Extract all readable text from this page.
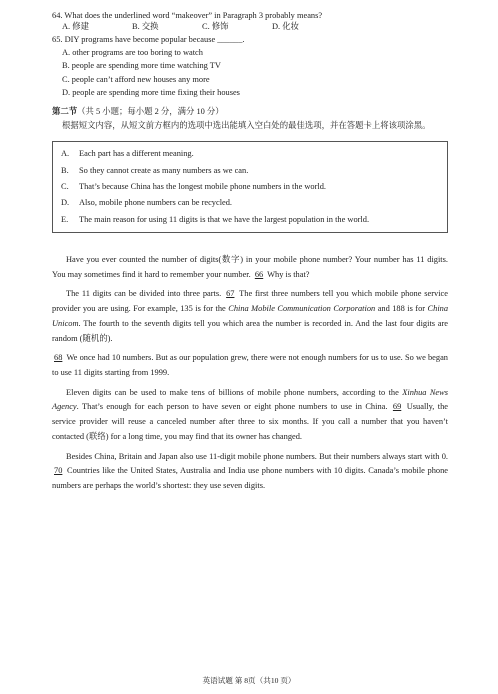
64. What does the underlined word “makeover” in Paragraph 3 probably means?

A. 修建	B. 交换	C. 修饰	D. 化妆

65. DIY programs have become popular because ______.

A. other programs are too boring to watch

B. people are spending more time watching TV

C. people can’t afford new houses any more

D. people are spending more time fixing their houses

第二节（共 5 小题；每小题 2 分，满分 10 分）

根据短文内容，从短文前方框内的选项中选出能填入空白处的最佳选项，并在答题卡上将该项涂黑。

A. Each part has a different meaning.
B. So they cannot create as many numbers as we can.
C. That’s because China has the longest mobile phone numbers in the world.
D. Also, mobile phone numbers can be recycled.
E. The main reason for using 11 digits is that we have the largest population in the world.

Have you ever counted the number of digits(数字) in your mobile phone number? Your number has 11 digits. You may sometimes find it hard to remember your number. 66 Why is that?

The 11 digits can be divided into three parts. 67 The first three numbers tell you which mobile phone service provider you are using. For example, 135 is for the China Mobile Communication Corporation and 188 is for China Unicom. The fourth to the seventh digits tell you which area the number is recorded in. And the last four digits are random (随机的).

68 We once had 10 numbers. But as our population grew, there were not enough numbers for us to use. So we began to use 11 digits starting from 1999.

Eleven digits can be used to make tens of billions of mobile phone numbers, according to the Xinhua News Agency. That’s enough for each person to have seven or eight phone numbers to use in China. 69 Usually, the service provider will reuse a canceled number after three to six months. If you call a number that you haven’t contacted (联络) for a long time, you may find that its owner has changed.

Besides China, Britain and Japan also use 11-digit mobile phone numbers. But their numbers always start with 0. 70 Countries like the United States, Australia and India use phone numbers with 10 digits. Canada’s mobile phone numbers are perhaps the world’s shortest: they use seven digits.

英语试题 第 8页（共10 页）
